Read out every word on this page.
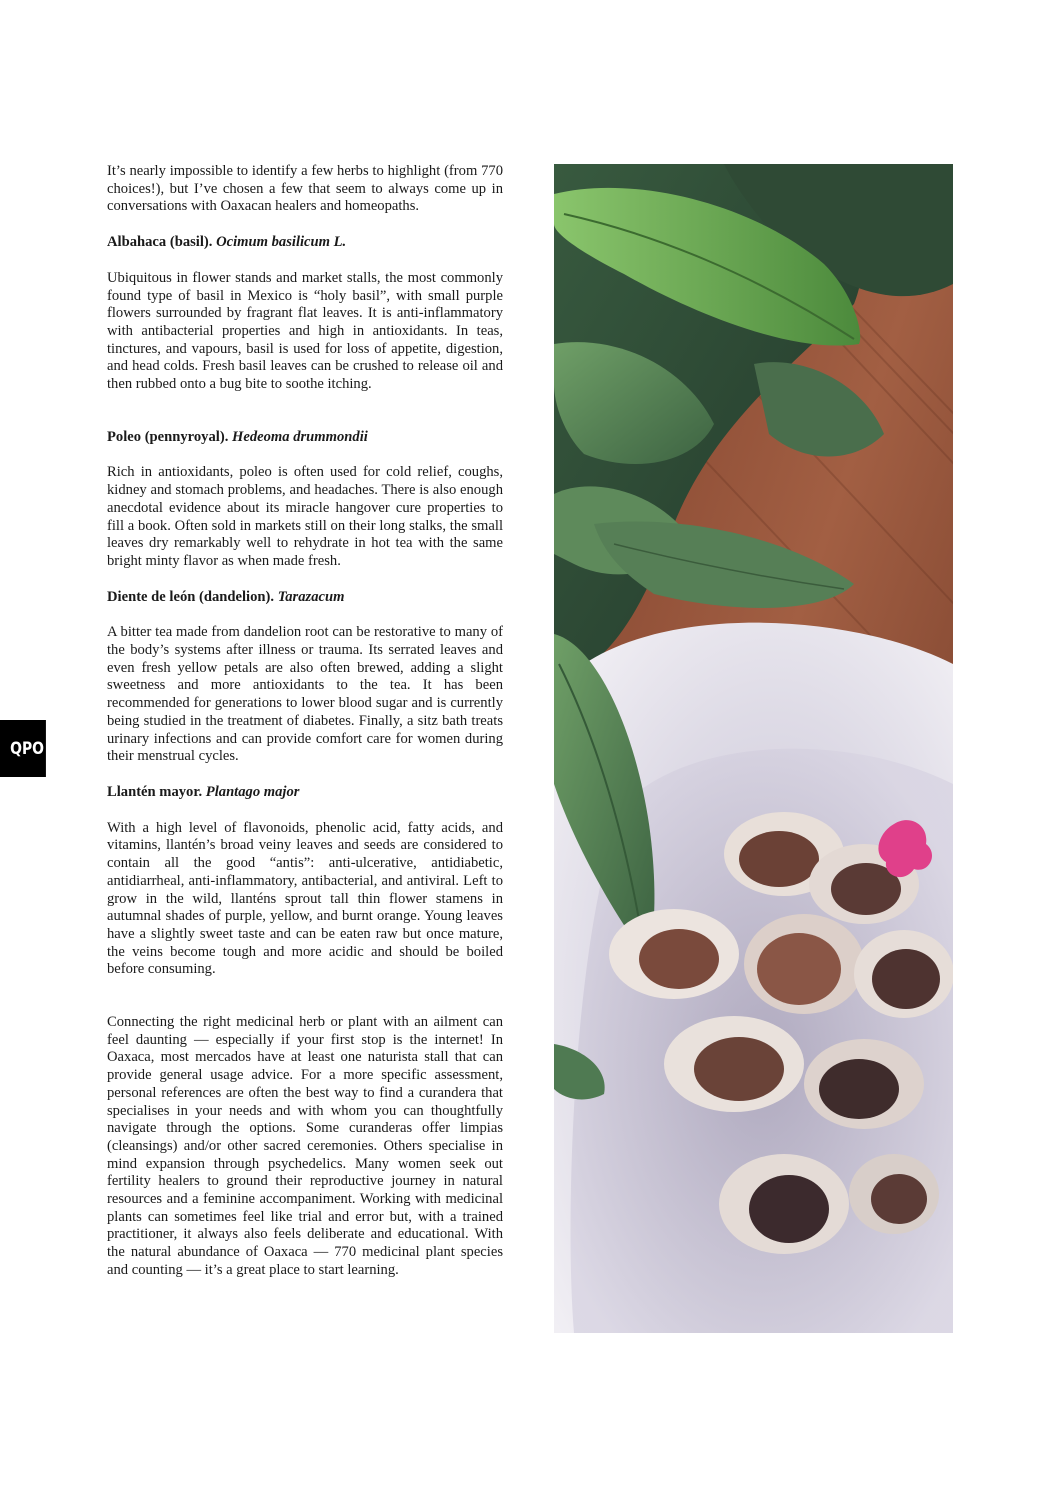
QPO

It’s nearly impossible to identify a few herbs to highlight (from 770 choices!), but I’ve chosen a few that seem to always come up in conversations with Oaxacan healers and homeopaths.

Albahaca (basil). Ocimum basilicum L.

Ubiquitous in flower stands and market stalls, the most commonly found type of basil in Mexico is “holy basil”, with small purple flowers surrounded by fragrant flat leaves. It is anti-inflammatory with antibacterial properties and high in antioxidants. In teas, tinctures, and vapours, basil is used for loss of appetite, digestion, and head colds. Fresh basil leaves can be crushed to release oil and then rubbed onto a bug bite to soothe itching.

Poleo (pennyroyal). Hedeoma drummondii

Rich in antioxidants, poleo is often used for cold relief, coughs, kidney and stomach problems, and headaches. There is also enough anecdotal evidence about its miracle hangover cure properties to fill a book. Often sold in markets still on their long stalks, the small leaves dry remarkably well to rehydrate in hot tea with the same bright minty flavor as when made fresh.

Diente de león (dandelion). Tarazacum

A bitter tea made from dandelion root can be restorative to many of the body’s systems after illness or trauma. Its serrated leaves and even fresh yellow petals are also often brewed, adding a slight sweetness and more antioxidants to the tea. It has been recommended for generations to lower blood sugar and is currently being studied in the treatment of diabetes. Finally, a sitz bath treats urinary infections and can provide comfort care for women during their menstrual cycles.

Llantén mayor. Plantago major

With a high level of flavonoids, phenolic acid, fatty acids, and vitamins, llantén’s broad veiny leaves and seeds are considered to contain all the good “antis”: anti-ulcerative, antidiabetic, antidiarrheal, anti-inflammatory, antibacterial, and antiviral. Left to grow in the wild, llanténs sprout tall thin flower stamens in autumnal shades of purple, yellow, and burnt orange. Young leaves have a slightly sweet taste and can be eaten raw but once mature, the veins become tough and more acidic and should be boiled before consuming.

Connecting the right medicinal herb or plant with an ailment can feel daunting — especially if your first stop is the internet! In Oaxaca, most mercados have at least one naturista stall that can provide general usage advice. For a more specific assessment, personal references are often the best way to find a curandera that specialises in your needs and with whom you can thoughtfully navigate through the options. Some curanderas offer limpias (cleansings) and/or other sacred ceremonies. Others specialise in mind expansion through psychedelics. Many women seek out fertility healers to ground their reproductive journey in natural resources and a feminine accompaniment. Working with medicinal plants can sometimes feel like trial and error but, with a trained practitioner, it always also feels deliberate and educational. With the natural abundance of Oaxaca — 770 medicinal plant species and counting — it’s a great place to start learning.
